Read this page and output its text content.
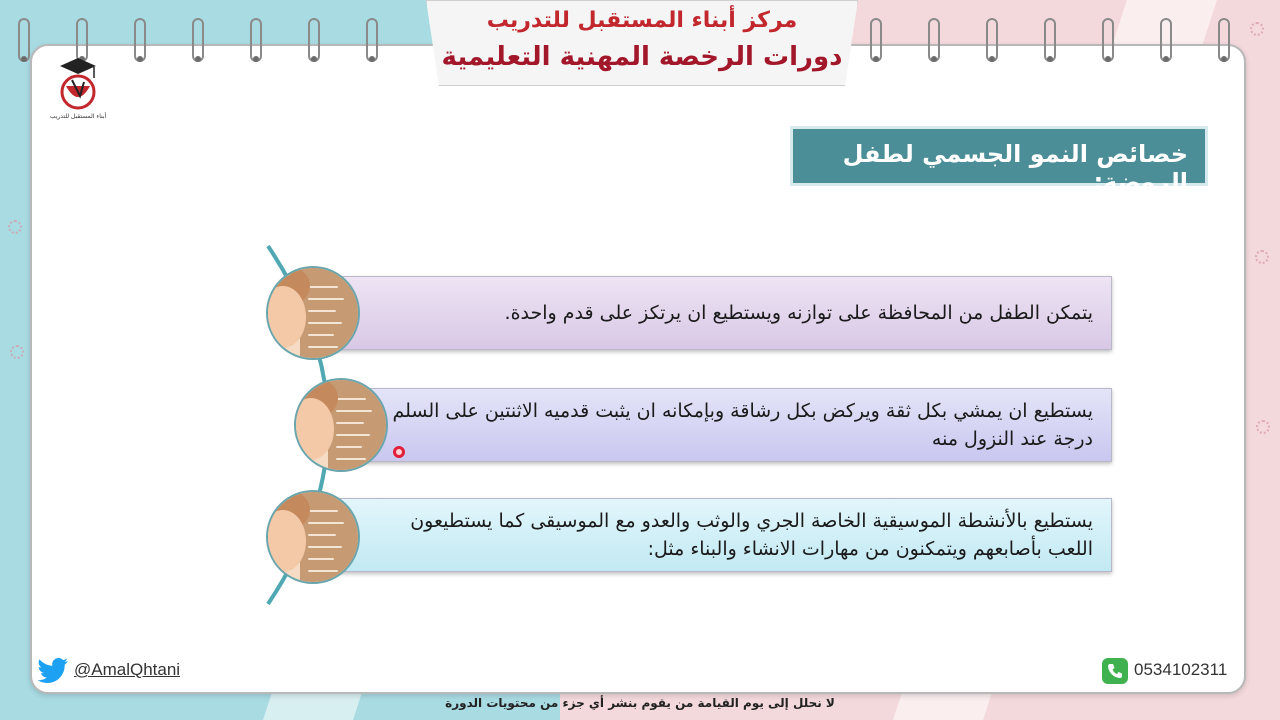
مركز أبناء المستقبل للتدريب
دورات الرخصة المهنية التعليمية
أبناء المستقبل للتدريب
خصائص النمو الجسمي لطفل الروضة:
يتمكن الطفل من المحافظة على توازنه ويستطيع ان يرتكز على قدم واحدة.
يستطيع ان يمشي بكل ثقة ويركض بكل رشاقة وبإمكانه ان يثبت قدميه الاثنتين على السلم درجة عند النزول منه
يستطيع بالأنشطة الموسيقية الخاصة الجري والوثب والعدو مع الموسيقى كما يستطيعون اللعب بأصابعهم ويتمكنون من مهارات الانشاء والبناء مثل:
@AmalQhtani	0534102311
لا نحلل إلى يوم القيامة من يقوم بنشر أي جزء من محتويات الدورة
